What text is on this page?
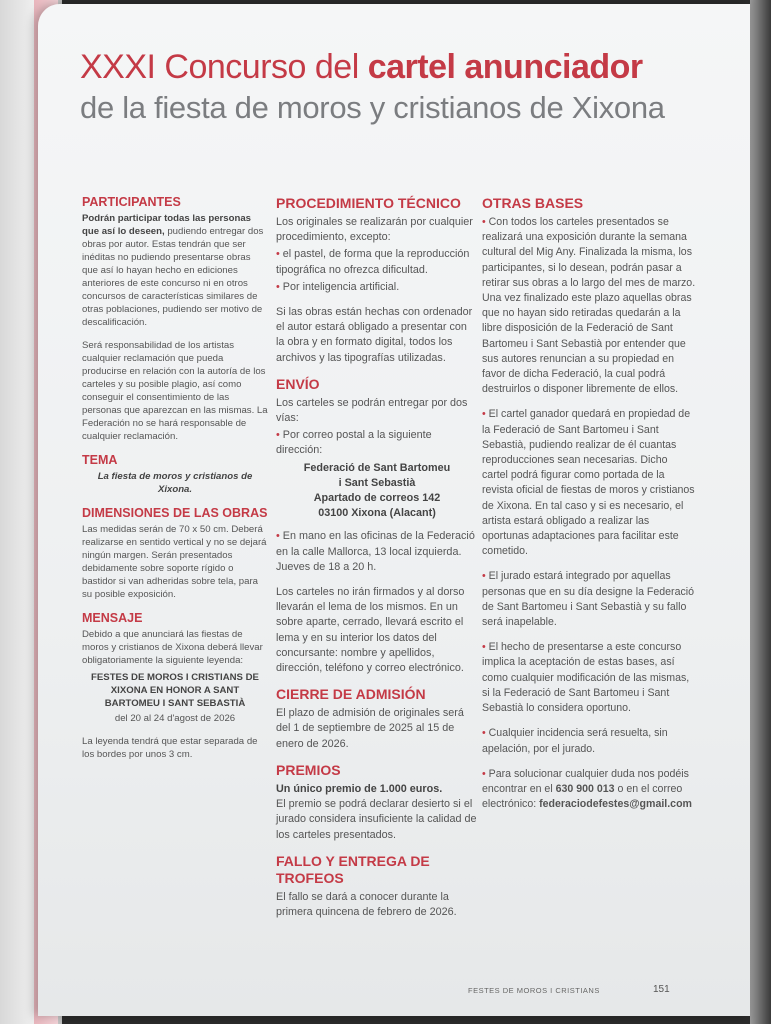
XXXI Concurso del cartel anunciador
de la fiesta de moros y cristianos de Xixona
PARTICIPANTES

Podrán participar todas las personas que así lo deseen, pudiendo entregar dos obras por autor. Estas tendrán que ser inéditas no pudiendo presentarse obras que así lo hayan hecho en ediciones anteriores de este concurso ni en otros concursos de características similares de otras poblaciones, pudiendo ser motivo de descalificación.

Será responsabilidad de los artistas cualquier reclamación que pueda producirse en relación con la autoría de los carteles y su posible plagio, así como conseguir el consentimiento de las personas que aparezcan en las mismas. La Federación no se hará responsable de cualquier reclamación.

TEMA

La fiesta de moros y cristianos de Xixona.

DIMENSIONES DE LAS OBRAS

Las medidas serán de 70 x 50 cm. Deberá realizarse en sentido vertical y no se dejará ningún margen. Serán presentados debidamente sobre soporte rígido o bastidor si van adheridas sobre tela, para su posible exposición.

MENSAJE

Debido a que anunciará las fiestas de moros y cristianos de Xixona deberá llevar obligatoriamente la siguiente leyenda:

FESTES DE MOROS I CRISTIANS DE XIXONA EN HONOR A SANT BARTOMEU I SANT SEBASTIÀ

del 20 al 24 d'agost de 2026

La leyenda tendrá que estar separada de los bordes por unos 3 cm.

PROCEDIMIENTO TÉCNICO

Los originales se realizarán por cualquier procedimiento, excepto:

• el pastel, de forma que la reproducción tipográfica no ofrezca dificultad.

• Por inteligencia artificial.

Si las obras están hechas con ordenador el autor estará obligado a presentar con la obra y en formato digital, todos los archivos y las tipografías utilizadas.

ENVÍO

Los carteles se podrán entregar por dos vías:

• Por correo postal a la siguiente dirección:

Federació de Sant Bartomeu
i Sant Sebastià
Apartado de correos 142
03100 Xixona (Alacant)

• En mano en las oficinas de la Federació en la calle Mallorca, 13 local izquierda. Jueves de 18 a 20 h.

Los carteles no irán firmados y al dorso llevarán el lema de los mismos. En un sobre aparte, cerrado, llevará escrito el lema y en su interior los datos del concursante: nombre y apellidos, dirección, teléfono y correo electrónico.

CIERRE DE ADMISIÓN

El plazo de admisión de originales será del 1 de septiembre de 2025 al 15 de enero de 2026.

PREMIOS

Un único premio de 1.000 euros.

El premio se podrá declarar desierto si el jurado considera insuficiente la calidad de los carteles presentados.

FALLO Y ENTREGA DE TROFEOS

El fallo se dará a conocer durante la primera quincena de febrero de 2026.

OTRAS BASES

• Con todos los carteles presentados se realizará una exposición durante la semana cultural del Mig Any. Finalizada la misma, los participantes, si lo desean, podrán pasar a retirar sus obras a lo largo del mes de marzo. Una vez finalizado este plazo aquellas obras que no hayan sido retiradas quedarán a la libre disposición de la Federació de Sant Bartomeu i Sant Sebastià por entender que sus autores renuncian a su propiedad en favor de dicha Federació, la cual podrá destruirlos o disponer libremente de ellos.

• El cartel ganador quedará en propiedad de la Federació de Sant Bartomeu i Sant Sebastià, pudiendo realizar de él cuantas reproducciones sean necesarias. Dicho cartel podrá figurar como portada de la revista oficial de fiestas de moros y cristianos de Xixona. En tal caso y si es necesario, el artista estará obligado a realizar las oportunas adaptaciones para facilitar este cometido.

• El jurado estará integrado por aquellas personas que en su día designe la Federació de Sant Bartomeu i Sant Sebastià y su fallo será inapelable.

• El hecho de presentarse a este concurso implica la aceptación de estas bases, así como cualquier modificación de las mismas, si la Federació de Sant Bartomeu i Sant Sebastià lo considera oportuno.

• Cualquier incidencia será resuelta, sin apelación, por el jurado.

• Para solucionar cualquier duda nos podéis encontrar en el 630 900 013 o en el correo electrónico: federaciodefestes@gmail.com

FESTES DE MOROS I CRISTIANS	151
